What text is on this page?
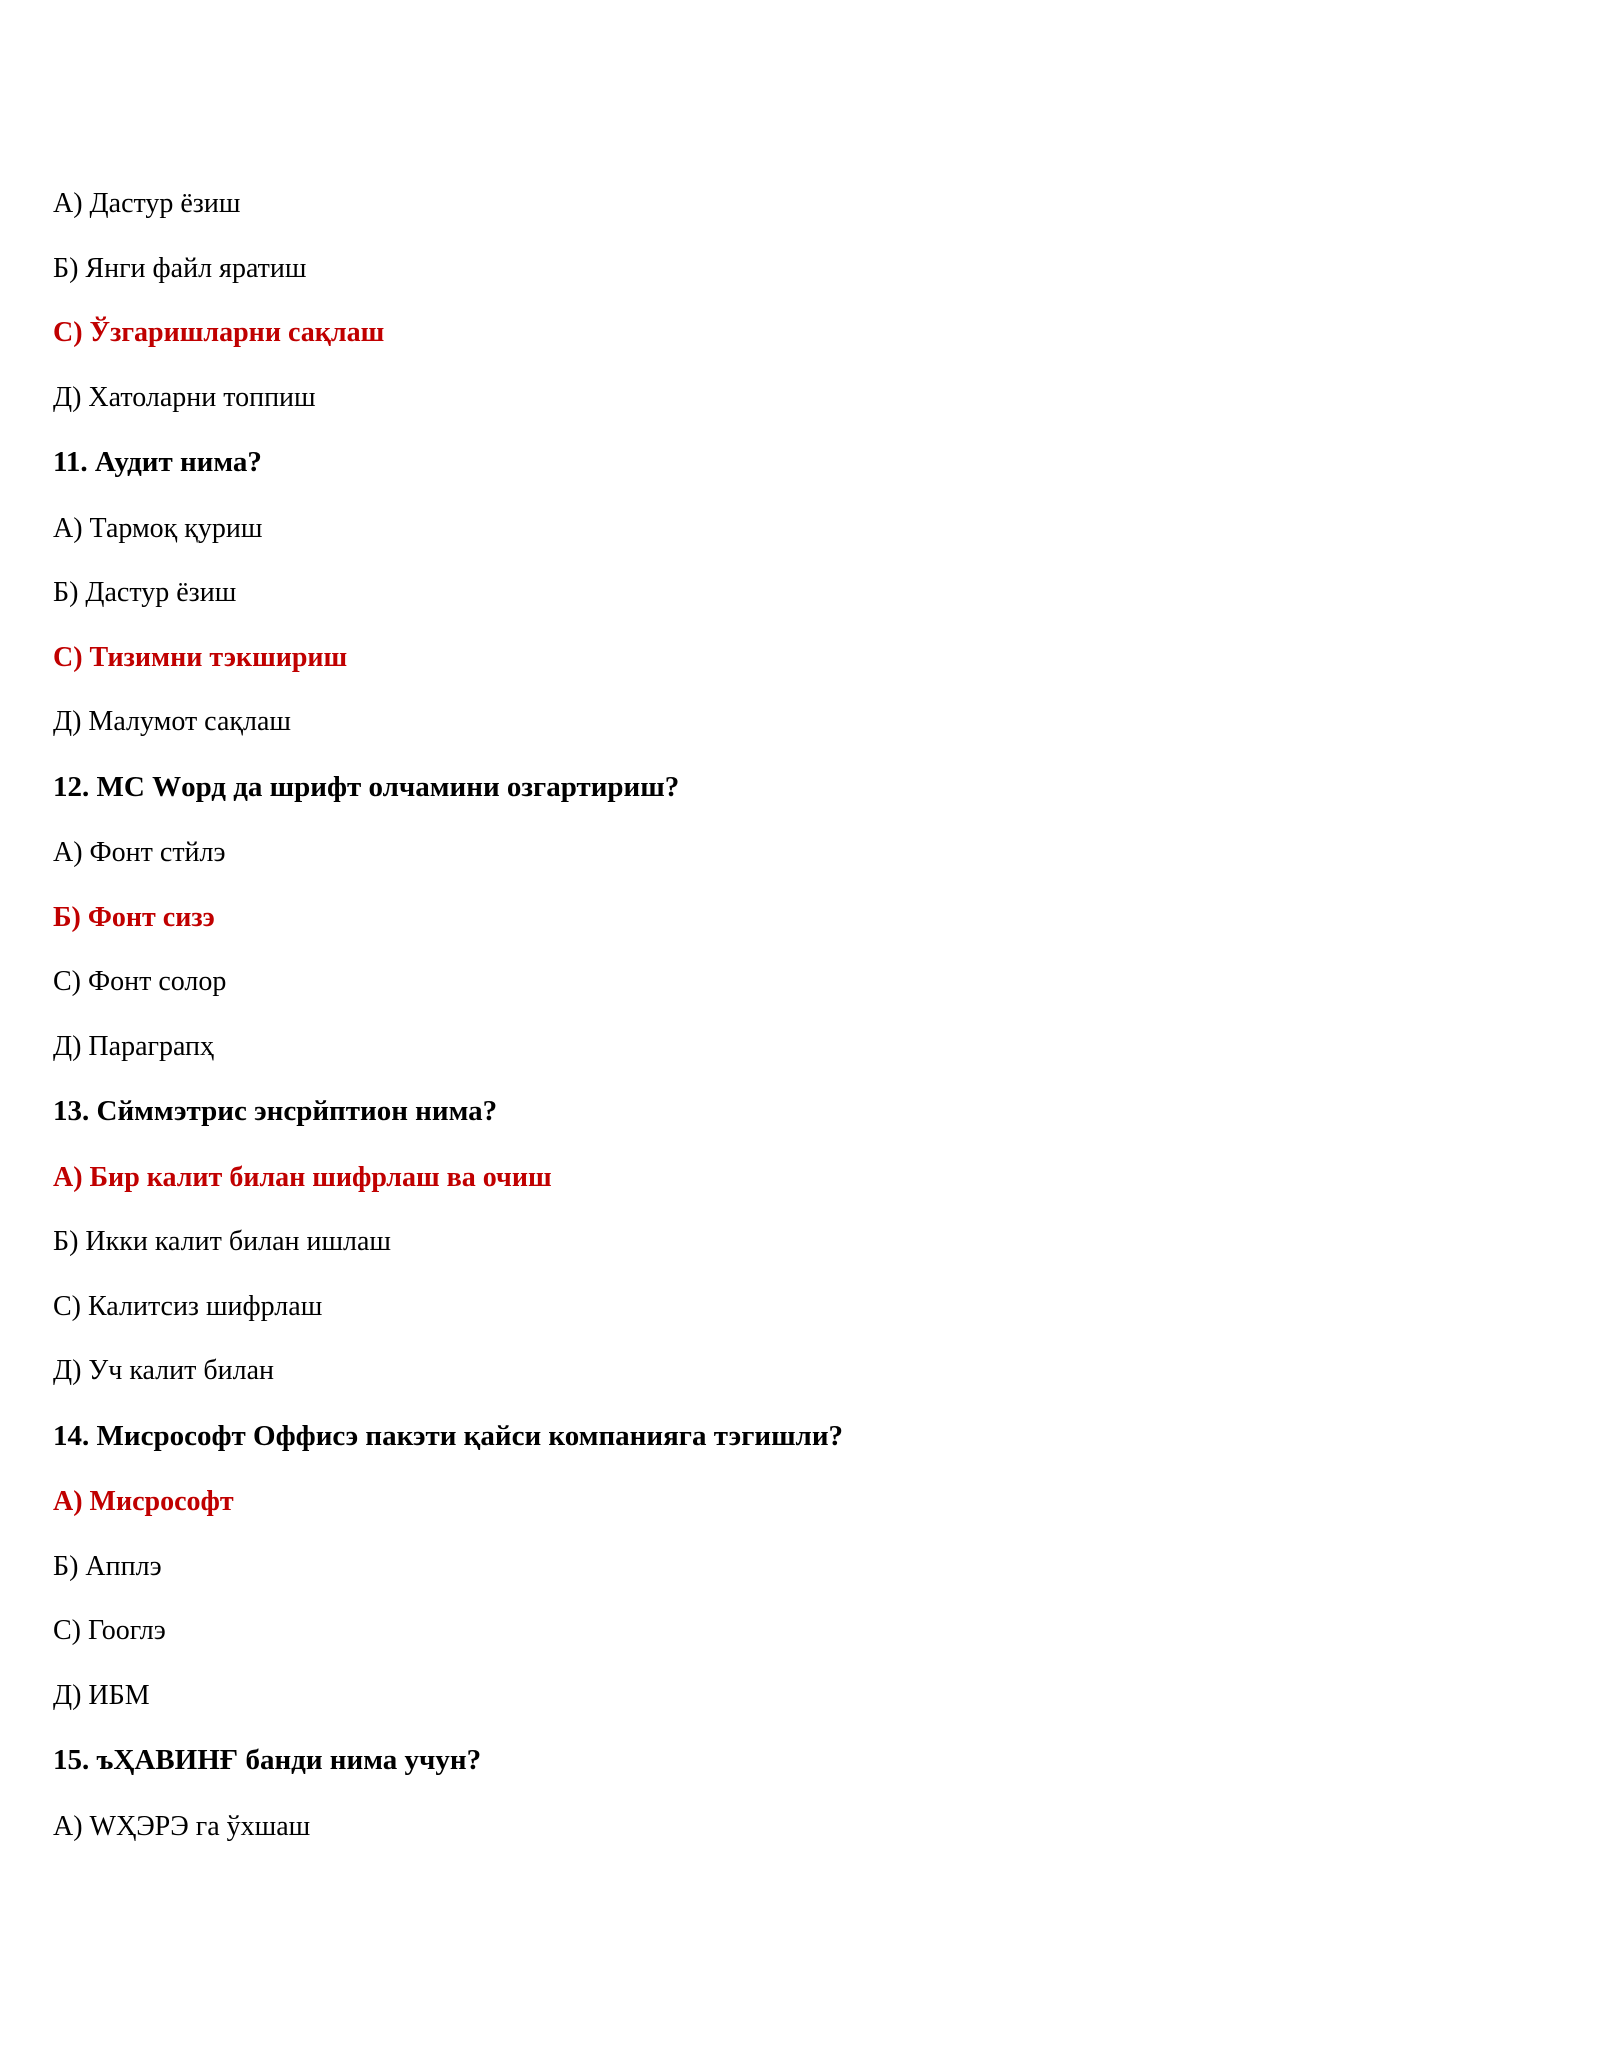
А) Дастур ёзиш
Б) Янги файл яратиш
С) Ўзгаришларни сақлаш
Д) Хатоларни топпиш
11. Аудит нима?
А) Тармоқ қуриш
Б) Дастур ёзиш
С) Тизимни тэкшириш
Д) Малумот сақлаш
12. МС Wорд да шрифт олчамини озгартириш?
А) Фонт стйлэ
Б) Фонт сизэ
С) Фонт солор
Д) Параграпҳ
13. Сйммэтрис энсрйптион нима?
А) Бир калит билан шифрлаш ва очиш
Б) Икки калит билан ишлаш
С) Калитсиз шифрлаш
Д) Уч калит билан
14. Мисрософт Оффисэ пакэти қайси компанияга тэгишли?
А) Мисрософт
Б) Апплэ
С) Гооглэ
Д) ИБМ
15. ъҲАВИНҒ банди нима учун?
А) WҲЭРЭ га ўхшаш
